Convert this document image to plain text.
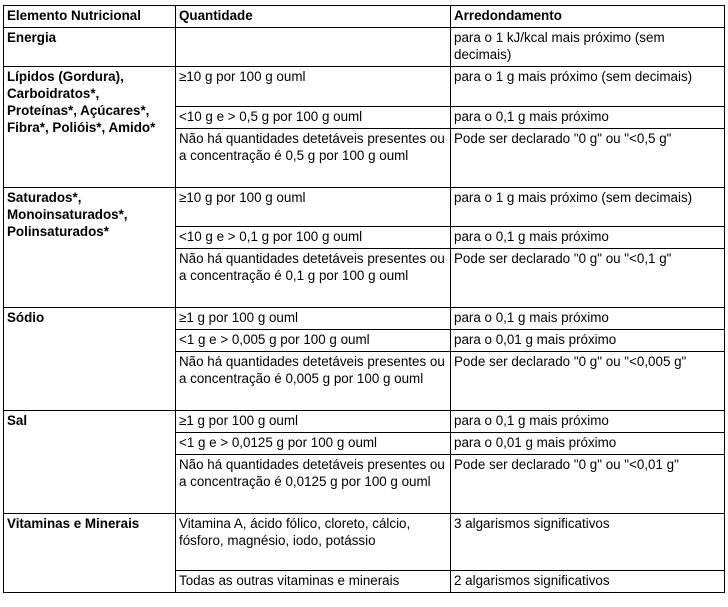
Elemento Nutricional	Quantidade	Arredondamento
Energia		para o 1 kJ/kcal mais próximo (sem decimais)
Lípidos (Gordura), Carboidratos*, Proteínas*, Açúcares*, Fibra*, Polióis*, Amido*	≥10 g por 100 g ouml	para o 1 g mais próximo (sem decimais)
	<10 g e > 0,5 g por 100 g ouml	para o 0,1 g mais próximo
	Não há quantidades detetáveis presentes ou a concentração é 0,5 g por 100 g ouml	Pode ser declarado "0 g" ou "<0,5 g"
Saturados*, Monoinsaturados*, Polinsaturados*	≥10 g por 100 g ouml	para o 1 g mais próximo (sem decimais)
	<10 g e > 0,1 g por 100 g ouml	para o 0,1 g mais próximo
	Não há quantidades detetáveis presentes ou a concentração é 0,1 g por 100 g ouml	Pode ser declarado "0 g" ou "<0,1 g"
Sódio	≥1 g por 100 g ouml	para o 0,1 g mais próximo
	<1 g e > 0,005 g por 100 g ouml	para o 0,01 g mais próximo
	Não há quantidades detetáveis presentes ou a concentração é 0,005 g por 100 g ouml	Pode ser declarado "0 g" ou "<0,005 g"
Sal	≥1 g por 100 g ouml	para o 0,1 g mais próximo
	<1 g e > 0,0125 g por 100 g ouml	para o 0,01 g mais próximo
	Não há quantidades detetáveis presentes ou a concentração é 0,0125 g por 100 g ouml	Pode ser declarado "0 g" ou "<0,01 g"
Vitaminas e Minerais	Vitamina A, ácido fólico, cloreto, cálcio, fósforo, magnésio, iodo, potássio	3 algarismos significativos
	Todas as outras vitaminas e minerais	2 algarismos significativos
